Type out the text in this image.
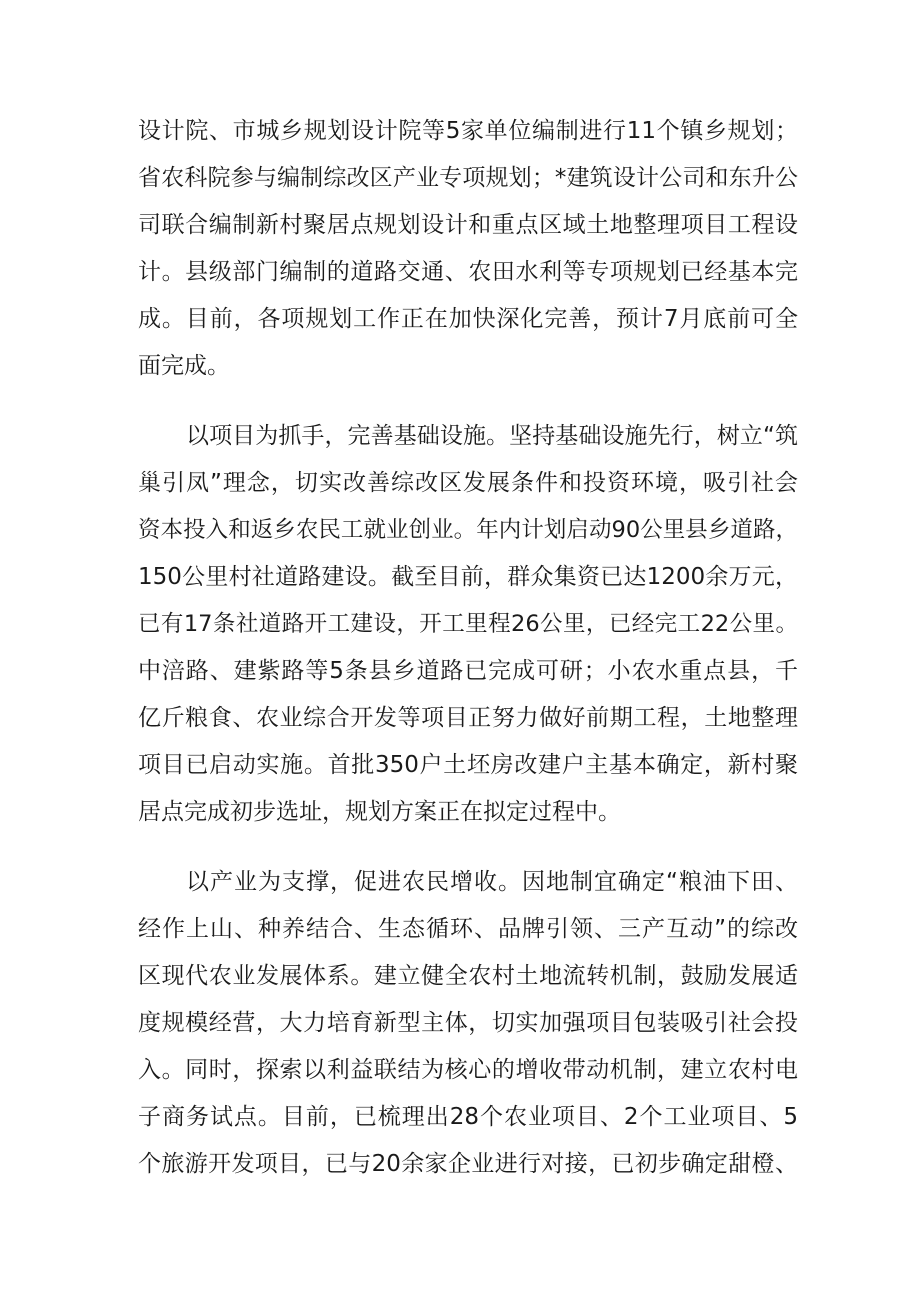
设计院、市城乡规划设计院等5家单位编制进行11个镇乡规划；
省农科院参与编制综改区产业专项规划；*建筑设计公司和东升公
司联合编制新村聚居点规划设计和重点区域土地整理项目工程设
计。县级部门编制的道路交通、农田水利等专项规划已经基本完
成。目前，各项规划工作正在加快深化完善，预计7月底前可全
面完成。
以项目为抓手，完善基础设施。坚持基础设施先行，树立“筑
巢引凤”理念，切实改善综改区发展条件和投资环境，吸引社会
资本投入和返乡农民工就业创业。年内计划启动90公里县乡道路，
150公里村社道路建设。截至目前，群众集资已达1200余万元，
已有17条社道路开工建设，开工里程26公里，已经完工22公里。
中涪路、建紫路等5条县乡道路已完成可研；小农水重点县，千
亿斤粮食、农业综合开发等项目正努力做好前期工程，土地整理
项目已启动实施。首批350户土坯房改建户主基本确定，新村聚
居点完成初步选址，规划方案正在拟定过程中。
以产业为支撑，促进农民增收。因地制宜确定“粮油下田、
经作上山、种养结合、生态循环、品牌引领、三产互动”的综改
区现代农业发展体系。建立健全农村土地流转机制，鼓励发展适
度规模经营，大力培育新型主体，切实加强项目包装吸引社会投
入。同时，探索以利益联结为核心的增收带动机制，建立农村电
子商务试点。目前，已梳理出28个农业项目、2个工业项目、5
个旅游开发项目，已与20余家企业进行对接，已初步确定甜橙、
